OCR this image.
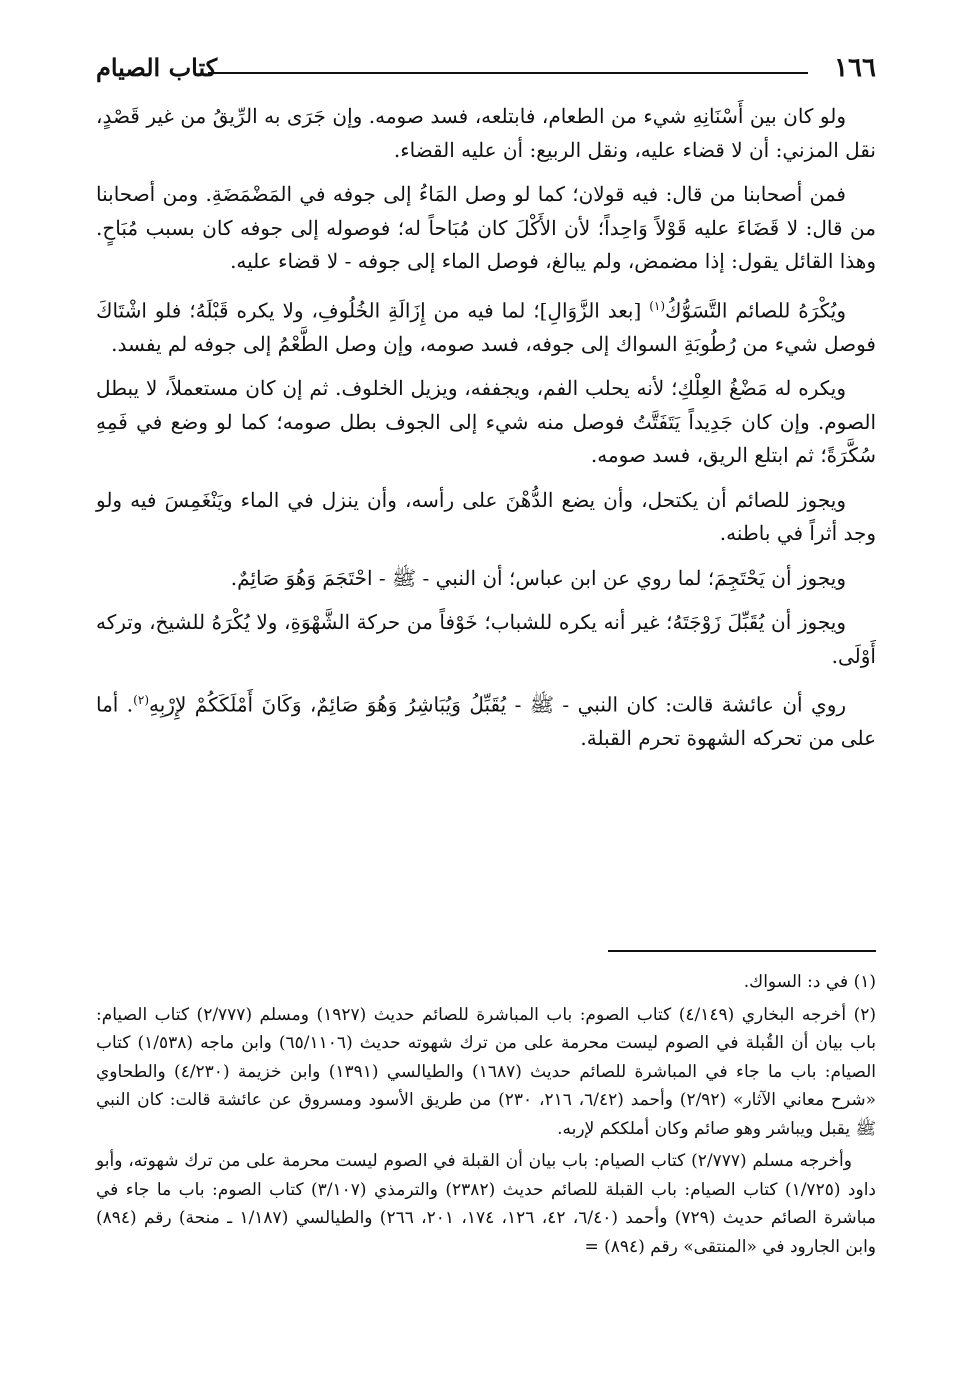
١٦٦
كتاب الصيام

ولو كان بين أَسْنَانِهِ شيء من الطعام، فابتلعه، فسد صومه. وإن جَرَى به الرِّيقُ من غير قَصْدٍ، نقل المزني: أن لا قضاء عليه، ونقل الربيع: أن عليه القضاء.

فمن أصحابنا من قال: فيه قولان؛ كما لو وصل المَاءُ إلى جوفه في المَضْمَضَةِ. ومن أصحابنا من قال: لا قَضَاءَ عليه قَوْلاً وَاحِداً؛ لأن الأَكْلَ كان مُبَاحاً له؛ فوصوله إلى جوفه كان بسبب مُبَاحٍ. وهذا القائل يقول: إذا مضمض، ولم يبالغ، فوصل الماء إلى جوفه - لا قضاء عليه.

ويُكْرَهُ للصائم التَّسَوُّكُ$^{(١)}$ [بعد الزَّوَالِ]؛ لما فيه من إِزَالَةِ الخُلُوفِ، ولا يكره قَبْلَهُ؛ فلو اشْتَاكَ فوصل شيء من رُطُوبَةِ السواك إلى جوفه، فسد صومه، وإن وصل الطَّعْمُ إلى جوفه لم يفسد.

ويكره له مَضْغُ العِلْكِ؛ لأنه يحلب الفم، ويجففه، ويزيل الخلوف. ثم إن كان مستعملاً، لا يبطل الصوم. وإن كان جَدِيداً يَتَفَتَّتُ فوصل منه شيء إلى الجوف بطل صومه؛ كما لو وضع في فَمِهِ سُكَّرَةً؛ ثم ابتلع الريق، فسد صومه.

ويجوز للصائم أن يكتحل، وأن يضع الدُّهْنَ على رأسه، وأن ينزل في الماء ويَنْغَمِسَ فيه ولو وجد أثراً في باطنه.

ويجوز أن يَحْتَجِمَ؛ لما روي عن ابن عباس؛ أن النبي - ﷺ - احْتَجَمَ وَهُوَ صَائِمٌ.

ويجوز أن يُقَبِّلَ زَوْجَتَهُ؛ غير أنه يكره للشباب؛ خَوْفاً من حركة الشَّهْوَةِ، ولا يُكْرَهُ للشيخ، وتركه أَوْلَى.

روي أن عائشة قالت: كان النبي - ﷺ - يُقَبِّلُ وَيُبَاشِرُ وَهُوَ صَائِمٌ، وَكَانَ أَمْلَكَكُمْ لإِرْبِهِ$^{(٢)}$. أما على من تحركه الشهوة تحرم القبلة.

(١) في د: السواك.

(٢) أخرجه البخاري (٤/١٤٩) كتاب الصوم: باب المباشرة للصائم حديث (١٩٢٧) ومسلم (٢/٧٧٧) كتاب الصيام: باب بيان أن القُبلة في الصوم ليست محرمة على من ترك شهوته حديث (٦٥/١١٠٦) وابن ماجه (١/٥٣٨) كتاب الصيام: باب ما جاء في المباشرة للصائم حديث (١٦٨٧) والطيالسي (١٣٩١) وابن خزيمة (٤/٢٣٠) والطحاوي «شرح معاني الآثار» (٢/٩٢) وأحمد (٦/٤٢، ٢١٦، ٢٣٠) من طريق الأسود ومسروق عن عائشة قالت: كان النبي ﷺ يقبل ويباشر وهو صائم وكان أملككم لإربه.

وأخرجه مسلم (٢/٧٧٧) كتاب الصيام: باب بيان أن القبلة في الصوم ليست محرمة على من ترك شهوته، وأبو داود (١/٧٢٥) كتاب الصيام: باب القبلة للصائم حديث (٢٣٨٢) والترمذي (٣/١٠٧) كتاب الصوم: باب ما جاء في مباشرة الصائم حديث (٧٢٩) وأحمد (٦/٤٠، ٤٢، ١٢٦، ١٧٤، ٢٠١، ٢٦٦) والطيالسي (١/١٨٧ ـ منحة) رقم (٨٩٤) وابن الجارود في «المنتقى» رقم (٨٩٤) =
